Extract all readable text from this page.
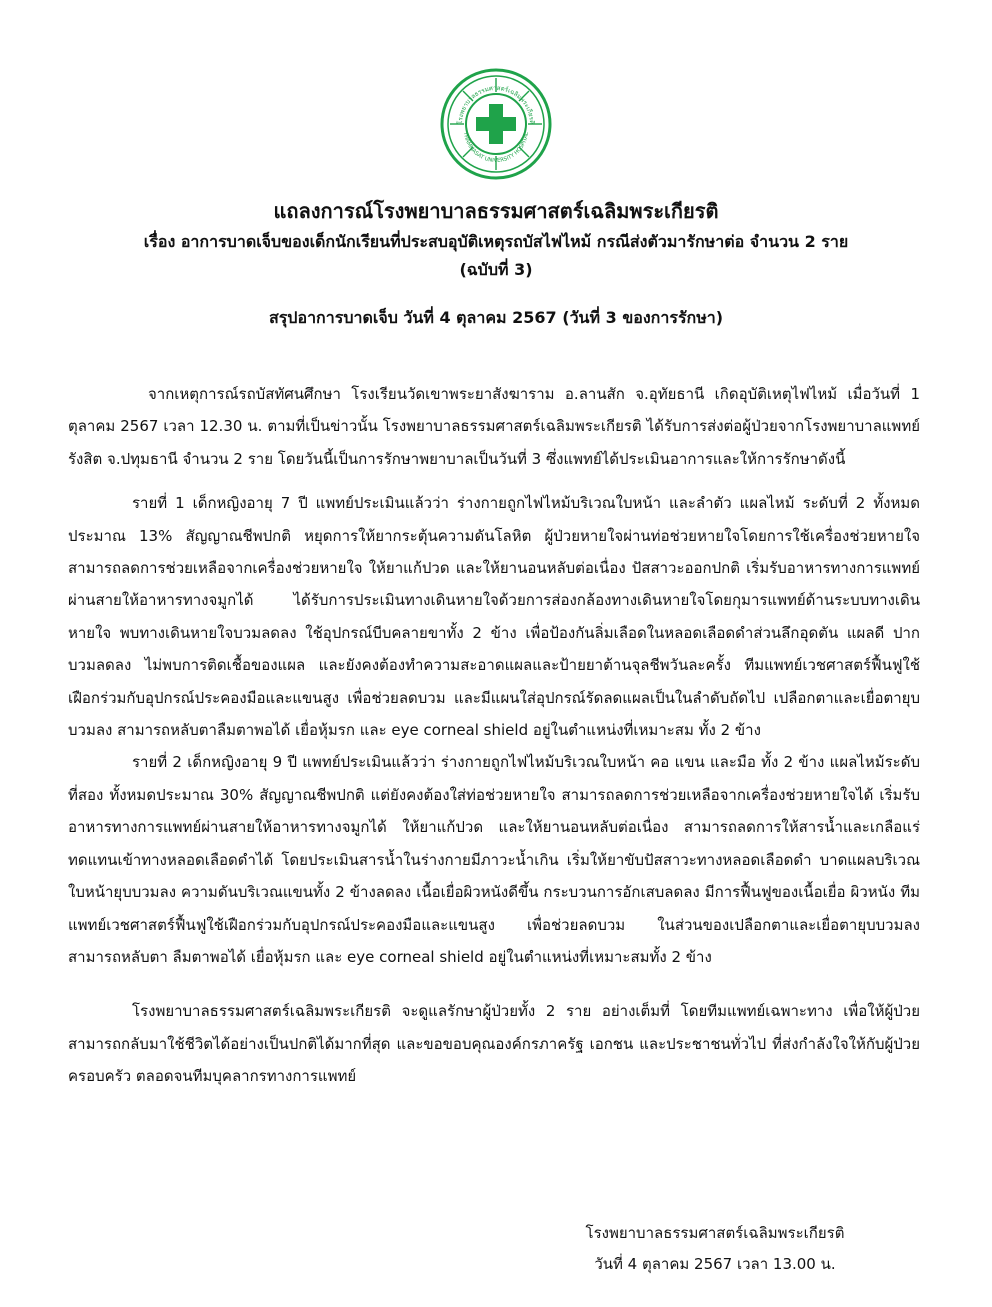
โรงพยาบาลธรรมศาสตร์เฉลิมพระเกียรติ
THAMMASAT UNIVERSITY HOSPITAL
แถลงการณ์โรงพยาบาลธรรมศาสตร์เฉลิมพระเกียรติ
เรื่อง อาการบาดเจ็บของเด็กนักเรียนที่ประสบอุบัติเหตุรถบัสไฟไหม้ กรณีส่งตัวมารักษาต่อ จำนวน 2 ราย
(ฉบับที่ 3)
สรุปอาการบาดเจ็บ วันที่ 4 ตุลาคม 2567 (วันที่ 3 ของการรักษา)

จากเหตุการณ์รถบัสทัศนศึกษา โรงเรียนวัดเขาพระยาสังฆาราม อ.ลานสัก จ.อุทัยธานี เกิดอุบัติเหตุไฟไหม้ เมื่อวันที่ 1 ตุลาคม 2567 เวลา 12.30 น. ตามที่เป็นข่าวนั้น โรงพยาบาลธรรมศาสตร์เฉลิมพระเกียรติ ได้รับการส่งต่อผู้ป่วยจากโรงพยาบาลแพทย์รังสิต จ.ปทุมธานี จำนวน 2 ราย โดยวันนี้เป็นการรักษาพยาบาลเป็นวันที่ 3 ซึ่งแพทย์ได้ประเมินอาการและให้การรักษาดังนี้

รายที่ 1 เด็กหญิงอายุ 7 ปี แพทย์ประเมินแล้วว่า ร่างกายถูกไฟไหม้บริเวณใบหน้า และลำตัว แผลไหม้ ระดับที่ 2 ทั้งหมดประมาณ 13% สัญญาณชีพปกติ หยุดการให้ยากระตุ้นความดันโลหิต ผู้ป่วยหายใจผ่านท่อช่วยหายใจโดยการใช้เครื่องช่วยหายใจ สามารถลดการช่วยเหลือจากเครื่องช่วยหายใจ ให้ยาแก้ปวด และให้ยานอนหลับต่อเนื่อง ปัสสาวะออกปกติ เริ่มรับอาหารทางการแพทย์ผ่านสายให้อาหารทางจมูกได้ ได้รับการประเมินทางเดินหายใจด้วยการส่องกล้องทางเดินหายใจโดยกุมารแพทย์ด้านระบบทางเดินหายใจ พบทางเดินหายใจบวมลดลง ใช้อุปกรณ์บีบคลายขาทั้ง 2 ข้าง เพื่อป้องกันลิ่มเลือดในหลอดเลือดดำส่วนลึกอุดตัน แผลดี ปากบวมลดลง ไม่พบการติดเชื้อของแผล และยังคงต้องทำความสะอาดแผลและป้ายยาต้านจุลชีพวันละครั้ง ทีมแพทย์เวชศาสตร์ฟื้นฟูใช้เฝือกร่วมกับอุปกรณ์ประคองมือและแขนสูง เพื่อช่วยลดบวม และมีแผนใส่อุปกรณ์รัดลดแผลเป็นในลำดับถัดไป เปลือกตาและเยื่อตายุบบวมลง สามารถหลับตาลืมตาพอได้ เยื่อหุ้มรก และ eye corneal shield อยู่ในตำแหน่งที่เหมาะสม ทั้ง 2 ข้าง

รายที่ 2 เด็กหญิงอายุ 9 ปี แพทย์ประเมินแล้วว่า ร่างกายถูกไฟไหม้บริเวณใบหน้า คอ แขน และมือ ทั้ง 2 ข้าง แผลไหม้ระดับที่สอง ทั้งหมดประมาณ 30% สัญญาณชีพปกติ แต่ยังคงต้องใส่ท่อช่วยหายใจ สามารถลดการช่วยเหลือจากเครื่องช่วยหายใจได้ เริ่มรับอาหารทางการแพทย์ผ่านสายให้อาหารทางจมูกได้ ให้ยาแก้ปวด และให้ยานอนหลับต่อเนื่อง สามารถลดการให้สารน้ำและเกลือแร่ทดแทนเข้าทางหลอดเลือดดำได้ โดยประเมินสารน้ำในร่างกายมีภาวะน้ำเกิน เริ่มให้ยาขับปัสสาวะทางหลอดเลือดดำ บาดแผลบริเวณใบหน้ายุบบวมลง ความดันบริเวณแขนทั้ง 2 ข้างลดลง เนื้อเยื่อผิวหนังดีขึ้น กระบวนการอักเสบลดลง มีการฟื้นฟูของเนื้อเยื่อ ผิวหนัง ทีมแพทย์เวชศาสตร์ฟื้นฟูใช้เฝือกร่วมกับอุปกรณ์ประคองมือและแขนสูง เพื่อช่วยลดบวม ในส่วนของเปลือกตาและเยื่อตายุบบวมลง สามารถหลับตา ลืมตาพอได้ เยื่อหุ้มรก และ eye corneal shield อยู่ในตำแหน่งที่เหมาะสมทั้ง 2 ข้าง

โรงพยาบาลธรรมศาสตร์เฉลิมพระเกียรติ จะดูแลรักษาผู้ป่วยทั้ง 2 ราย อย่างเต็มที่ โดยทีมแพทย์เฉพาะทาง เพื่อให้ผู้ป่วยสามารถกลับมาใช้ชีวิตได้อย่างเป็นปกติได้มากที่สุด และขอขอบคุณองค์กรภาครัฐ เอกชน และประชาชนทั่วไป ที่ส่งกำลังใจให้กับผู้ป่วย ครอบครัว ตลอดจนทีมบุคลากรทางการแพทย์

โรงพยาบาลธรรมศาสตร์เฉลิมพระเกียรติ
วันที่ 4 ตุลาคม 2567 เวลา 13.00 น.
